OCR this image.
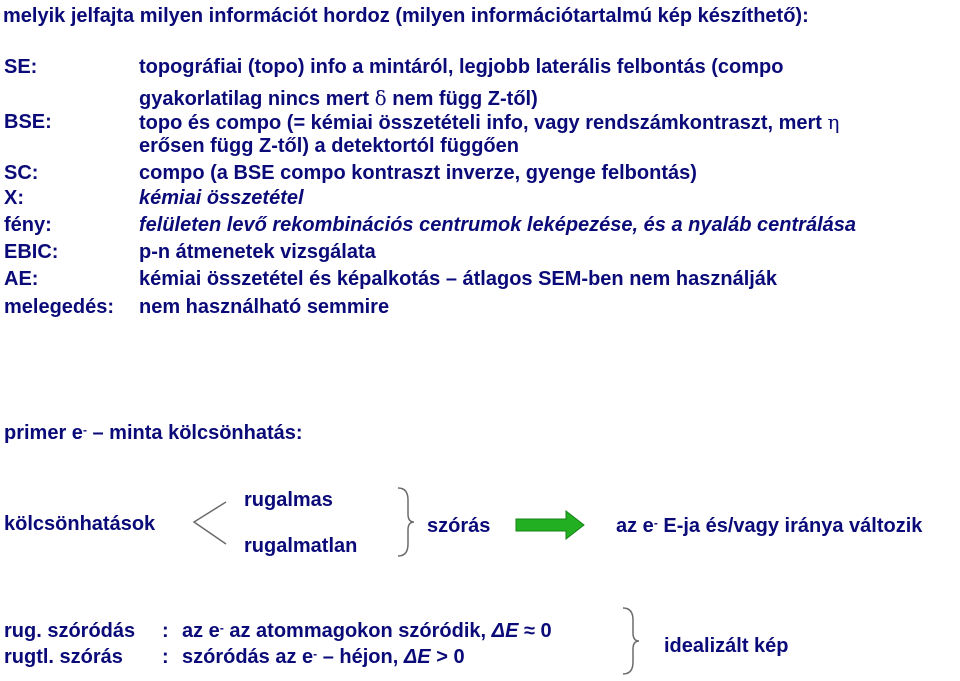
melyik jelfajta milyen információt hordoz (milyen információtartalmú kép készíthető):
SE:	topográfiai (topo) info a mintáról, legjobb laterális felbontás (compo
gyakorlatilag nincs mert δ nem függ Z-től)
BSE:	topo és compo (= kémiai összetételi info, vagy rendszámkontraszt, mert η
erősen függ Z-től) a detektortól függően
SC:	compo (a BSE compo kontraszt inverze, gyenge felbontás)
X:	kémiai összetétel
fény:	felületen levő rekombinációs centrumok leképezése, és a nyaláb centrálása
EBIC:	p-n átmenetek vizsgálata
AE:	kémiai összetétel és képalkotás – átlagos SEM-ben nem használják
melegedés: nem használható semmire
primer e- – minta kölcsönhatás:
kölcsönhatások
rugalmas
rugalmatlan
szórás	az e- E-ja és/vagy iránya változik
rug. szóródás : az e- az atommagokon szóródik, ΔE ≈ 0
rugtl. szórás : szóródás az e- – héjon, ΔE > 0	idealizált kép
